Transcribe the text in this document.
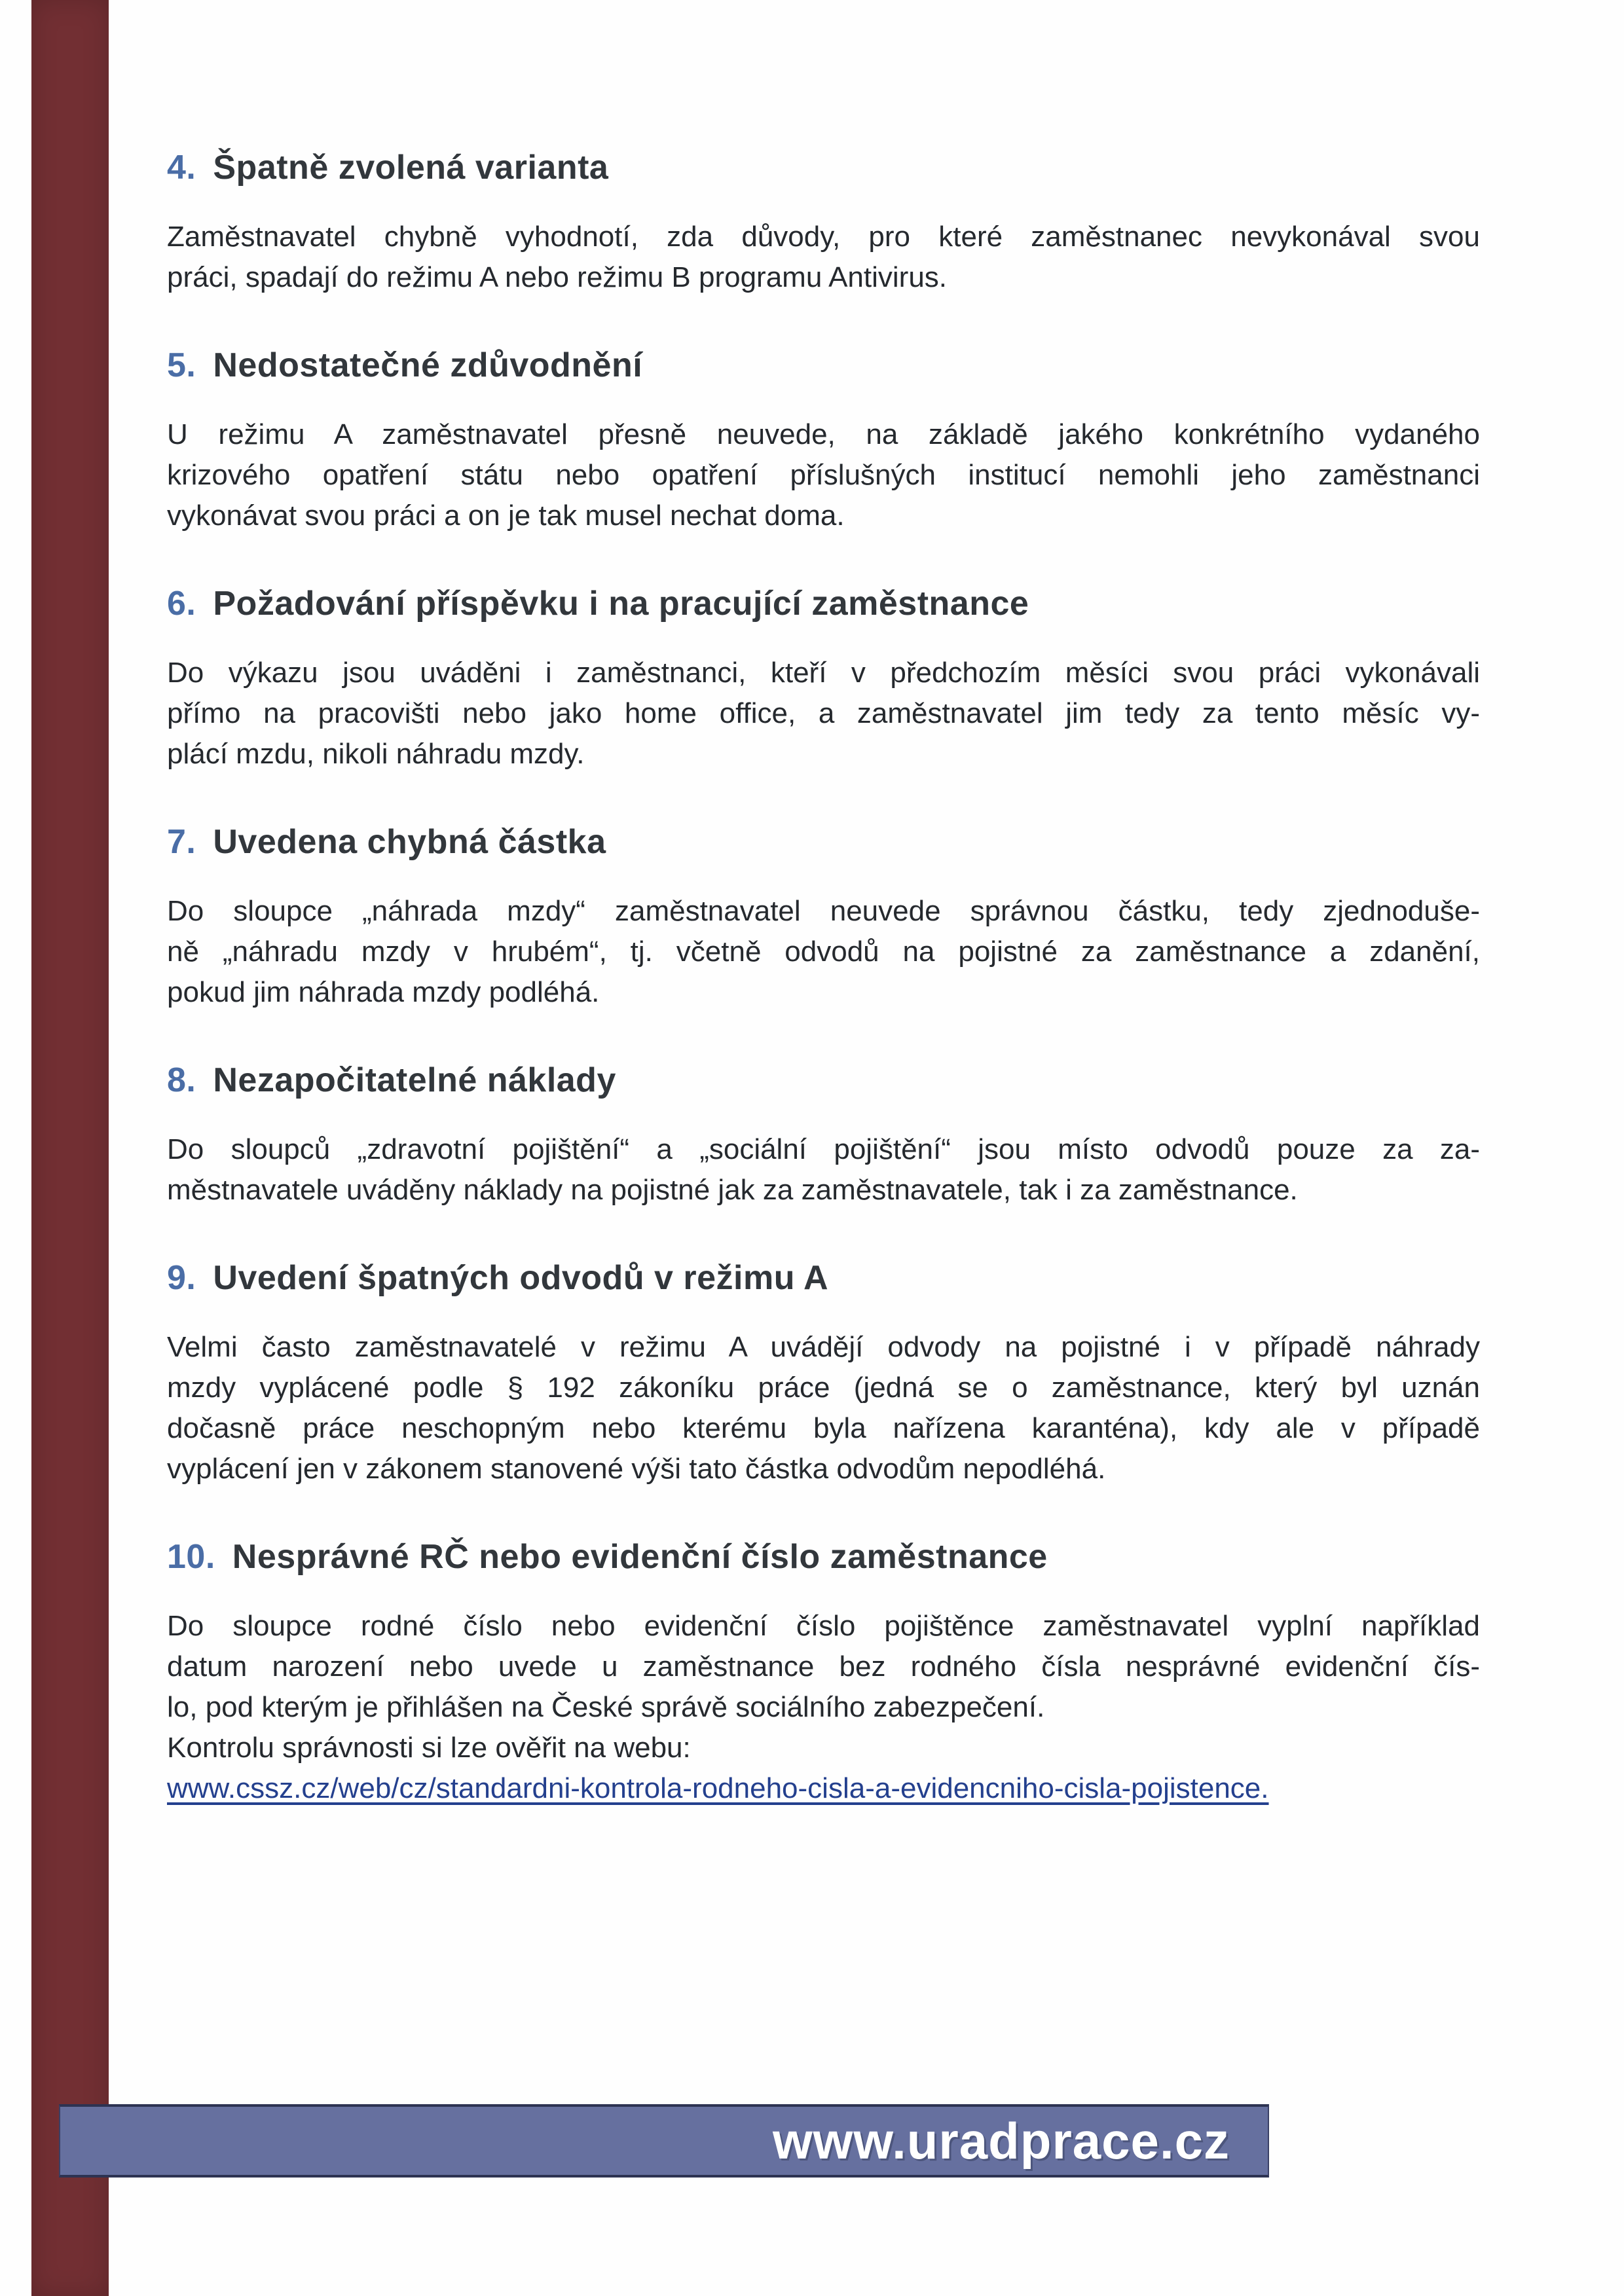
4. Špatně zvolená varianta
Zaměstnavatel chybně vyhodnotí, zda důvody, pro které zaměstnanec nevykonával svou
práci, spadají do režimu A nebo režimu B programu Antivirus.
5. Nedostatečné zdůvodnění
U režimu A zaměstnavatel přesně neuvede, na základě jakého konkrétního vydaného
krizového opatření státu nebo opatření příslušných institucí nemohli jeho zaměstnanci
vykonávat svou práci a on je tak musel nechat doma.
6. Požadování příspěvku i na pracující zaměstnance
Do výkazu jsou uváděni i zaměstnanci, kteří v předchozím měsíci svou práci vykonávali
přímo na pracovišti nebo jako home office, a zaměstnavatel jim tedy za tento měsíc vy-
plácí mzdu, nikoli náhradu mzdy.
7. Uvedena chybná částka
Do sloupce „náhrada mzdy“ zaměstnavatel neuvede správnou částku, tedy zjednoduše-
ně „náhradu mzdy v hrubém“, tj. včetně odvodů na pojistné za zaměstnance a zdanění,
pokud jim náhrada mzdy podléhá.
8. Nezapočitatelné náklady
Do sloupců „zdravotní pojištění“ a „sociální pojištění“ jsou místo odvodů pouze za za-
městnavatele uváděny náklady na pojistné jak za zaměstnavatele, tak i za zaměstnance.
9. Uvedení špatných odvodů v režimu A
Velmi často zaměstnavatelé v režimu A uvádějí odvody na pojistné i v případě náhrady
mzdy vyplácené podle § 192 zákoníku práce (jedná se o zaměstnance, který byl uznán
dočasně práce neschopným nebo kterému byla nařízena karanténa), kdy ale v případě
vyplácení jen v zákonem stanovené výši tato částka odvodům nepodléhá.
10. Nesprávné RČ nebo evidenční číslo zaměstnance
Do sloupce rodné číslo nebo evidenční číslo pojištěnce zaměstnavatel vyplní například
datum narození nebo uvede u zaměstnance bez rodného čísla nesprávné evidenční čís-
lo, pod kterým je přihlášen na České správě sociálního zabezpečení.
Kontrolu správnosti si lze ověřit na webu:
www.cssz.cz/web/cz/standardni-kontrola-rodneho-cisla-a-evidencniho-cisla-pojistence.
www.uradprace.cz
